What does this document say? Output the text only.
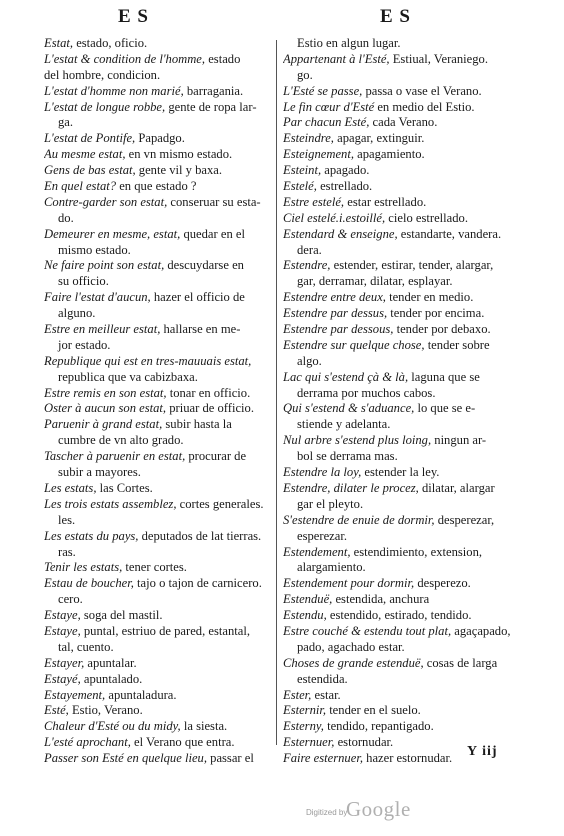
E S	E S
Estat, estado, oficio.
L'estat & condition de l'homme, estado
del hombre, condicion.
L'estat d'homme non marié, barragania.
L'estat de longue robbe, gente de ropa lar-
ga.
L'estat de Pontife, Papadgo.
Au mesme estat, en vn mismo estado.
Gens de bas estat, gente vil y baxa.
En quel estat? en que estado ?
Contre-garder son estat, conseruar su esta-
do.
Demeurer en mesme, estat, quedar en el
mismo estado.
Ne faire point son estat, descuydarse en
su officio.
Faire l'estat d'aucun, hazer el officio de
alguno.
Estre en meilleur estat, hallarse en me-
jor estado.
Republique qui est en tres-mauuais estat,
republica que va cabizbaxa.
Estre remis en son estat, tonar en officio.
Oster à aucun son estat, priuar de officio.
Paruenir à grand estat, subir hasta la
cumbre de vn alto grado.
Tascher à paruenir en estat, procurar de
subir a mayores.
Les estats, las Cortes.
Les trois estats assemblez, cortes generales.
les.
Les estats du pays, deputados de lat tierras.
ras.
Tenir les estats, tener cortes.
Estau de boucher, tajo o tajon de carnicero.
cero.
Estaye, soga del mastil.
Estaye, puntal, estriuo de pared, estantal,
tal, cuento.
Estayer, apuntalar.
Estayé, apuntalado.
Estayement, apuntaladura.
Esté, Estio, Verano.
Chaleur d'Esté ou du midy, la siesta.
L'esté aprochant, el Verano que entra.
Passer son Esté en quelque lieu, passar el
Estio en algun lugar.
Appartenant à l'Esté, Estiual, Veraniego.
go.
L'Esté se passe, passa o vase el Verano.
Le fin cœur d'Esté en medio del Estio.
Par chacun Esté, cada Verano.
Esteindre, apagar, extinguir.
Esteignement, apagamiento.
Esteint, apagado.
Estelé, estrellado.
Estre estelé, estar estrellado.
Ciel estelé.i.estoillé, cielo estrellado.
Estendard & enseigne, estandarte, vandera.
dera.
Estendre, estender, estirar, tender, alargar,
gar, derramar, dilatar, esplayar.
Estendre entre deux, tender en medio.
Estendre par dessus, tender por encima.
Estendre par dessous, tender por debaxo.
Estendre sur quelque chose, tender sobre
algo.
Lac qui s'estend çà & là, laguna que se
derrama por muchos cabos.
Qui s'estend & s'aduance, lo que se e-
stiende y adelanta.
Nul arbre s'estend plus loing, ningun ar-
bol se derrama mas.
Estendre la loy, estender la ley.
Estendre, dilater le procez, dilatar, alargar
gar el pleyto.
S'estendre de enuie de dormir, desperezar,
esperezar.
Estendement, estendimiento, extension,
alargamiento.
Estendement pour dormir, desperezo.
Estenduë, estendida, anchura
Estendu, estendido, estirado, tendido.
Estre couché & estendu tout plat, agaçapado,
pado, agachado estar.
Choses de grande estenduë, cosas de larga
estendida.
Ester, estar.
Esternir, tender en el suelo.
Esterny, tendido, repantigado.
Esternuer, estornudar.
Faire esternuer, hazer estornudar.	Y iij
Digitized by
Google
